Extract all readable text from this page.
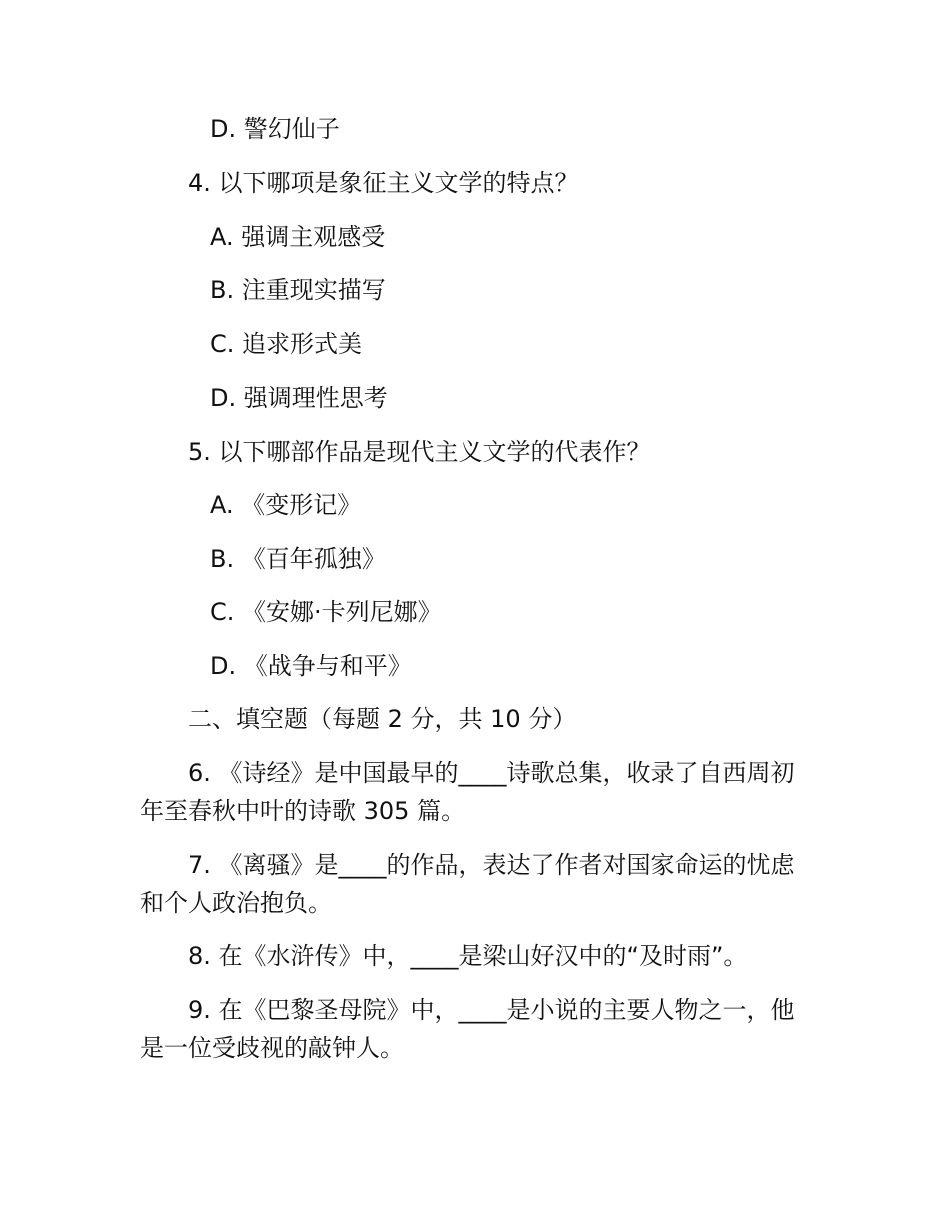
D. 警幻仙子
4. 以下哪项是象征主义文学的特点？
A. 强调主观感受
B. 注重现实描写
C. 追求形式美
D. 强调理性思考
5. 以下哪部作品是现代主义文学的代表作？
A. 《变形记》
B. 《百年孤独》
C. 《安娜·卡列尼娜》
D. 《战争与和平》
二、填空题（每题 2 分，共 10 分）
6. 《诗经》是中国最早的____诗歌总集，收录了自西周初
年至春秋中叶的诗歌 305 篇。
7. 《离骚》是____的作品，表达了作者对国家命运的忧虑
和个人政治抱负。
8. 在《水浒传》中，____是梁山好汉中的“及时雨”。
9. 在《巴黎圣母院》中，____是小说的主要人物之一，他
是一位受歧视的敲钟人。
